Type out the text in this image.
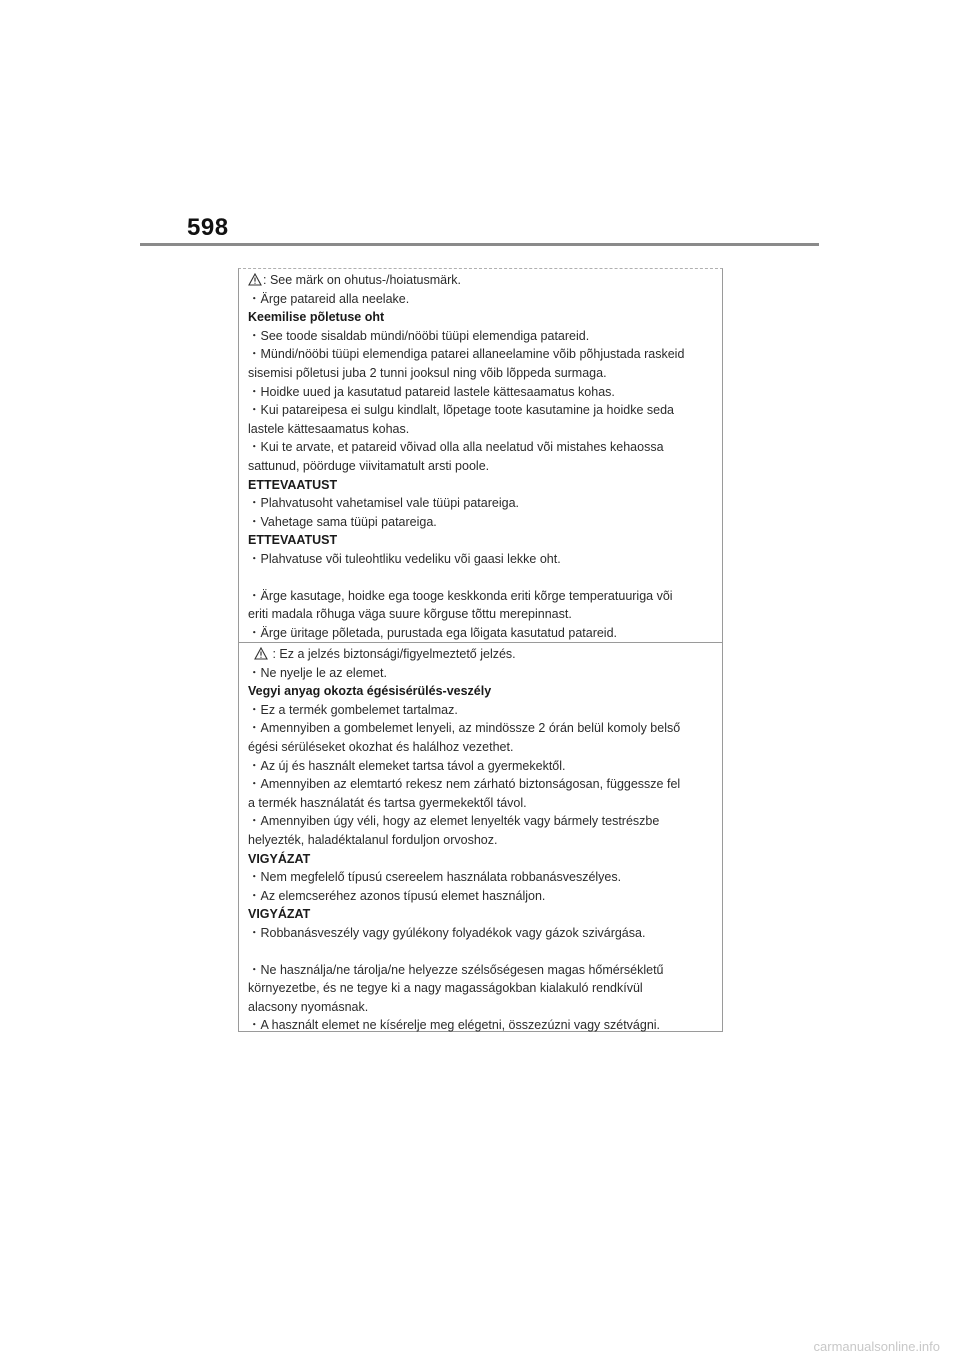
598
: See märk on ohutus-/hoiatusmärk.
・Ärge patareid alla neelake.
Keemilise põletuse oht
・See toode sisaldab mündi/nööbi tüüpi elemendiga patareid.
・Mündi/nööbi tüüpi elemendiga patarei allaneelamine võib põhjustada raskeid
sisemisi põletusi juba 2 tunni jooksul ning võib lõppeda surmaga.
・Hoidke uued ja kasutatud patareid lastele kättesaamatus kohas.
・Kui patareipesa ei sulgu kindlalt, lõpetage toote kasutamine ja hoidke seda
lastele kättesaamatus kohas.
・Kui te arvate, et patareid võivad olla alla neelatud või mistahes kehaossa
sattunud, pöörduge viivitamatult arsti poole.
ETTEVAATUST
・Plahvatusoht vahetamisel vale tüüpi patareiga.
・Vahetage sama tüüpi patareiga.
ETTEVAATUST
・Plahvatuse või tuleohtliku vedeliku või gaasi lekke oht.
・Ärge kasutage, hoidke ega tooge keskkonda eriti kõrge temperatuuriga või
eriti madala rõhuga väga suure kõrguse tõttu merepinnast.
・Ärge üritage põletada, purustada ega lõigata kasutatud patareid.
: Ez a jelzés biztonsági/figyelmeztető jelzés.
・Ne nyelje le az elemet.
Vegyi anyag okozta égésisérülés-veszély
・Ez a termék gombelemet tartalmaz.
・Amennyiben a gombelemet lenyeli, az mindössze 2 órán belül komoly belső
égési sérüléseket okozhat és halálhoz vezethet.
・Az új és használt elemeket tartsa távol a gyermekektől.
・Amennyiben az elemtartó rekesz nem zárható biztonságosan, függessze fel
a termék használatát és tartsa gyermekektől távol.
・Amennyiben úgy véli, hogy az elemet lenyelték vagy bármely testrészbe
helyezték, haladéktalanul forduljon orvoshoz.
VIGYÁZAT
・Nem megfelelő típusú csereelem használata robbanásveszélyes.
・Az elemcseréhez azonos típusú elemet használjon.
VIGYÁZAT
・Robbanásveszély vagy gyúlékony folyadékok vagy gázok szivárgása.
・Ne használja/ne tárolja/ne helyezze szélsőségesen magas hőmérsékletű
környezetbe, és ne tegye ki a nagy magasságokban kialakuló rendkívül
alacsony nyomásnak.
・A használt elemet ne kísérelje meg elégetni, összezúzni vagy szétvágni.
carmanualsonline.info
